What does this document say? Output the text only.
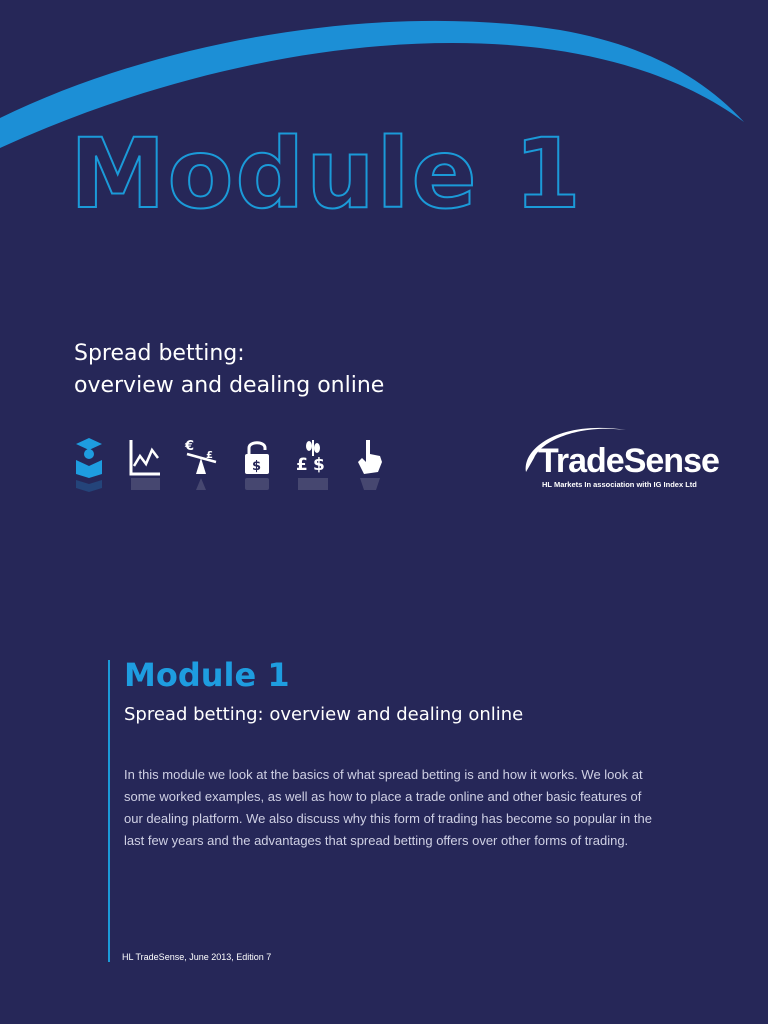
Module 1
Spread betting:
overview and dealing online
€
£
$ £ $	TradeSense
HL Markets In association with IG Index Ltd
Module 1
Spread betting: overview and dealing online
In this module we look at the basics of what spread betting is and how it works. We look at some worked examples, as well as how to place a trade online and other basic features of our dealing platform. We also discuss why this form of trading has become so popular in the last few years and the advantages that spread betting offers over other forms of trading.
HL TradeSense, June 2013, Edition 7
